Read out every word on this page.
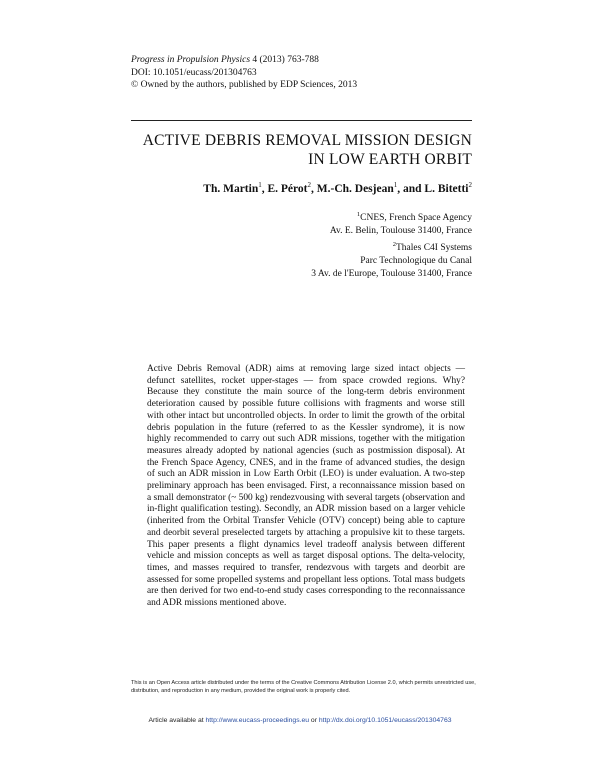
Progress in Propulsion Physics 4 (2013) 763-788
DOI: 10.1051/eucass/201304763
© Owned by the authors, published by EDP Sciences, 2013
ACTIVE DEBRIS REMOVAL MISSION DESIGN
IN LOW EARTH ORBIT
Th. Martin$^1$, E. Pérot$^2$, M.-Ch. Desjean$^1$, and L. Bitetti$^2$
$^1$CNES, French Space Agency
Av. E. Belin, Toulouse 31400, France
$^2$Thales C4I Systems
Parc Technologique du Canal
3 Av. de l'Europe, Toulouse 31400, France
Active Debris Removal (ADR) aims at removing large sized intact objects — defunct satellites, rocket upper-stages — from space crowded regions. Why? Because they constitute the main source of the long-term debris environment deterioration caused by possible future collisions with fragments and worse still with other intact but uncontrolled objects. In order to limit the growth of the orbital debris population in the future (referred to as the Kessler syndrome), it is now highly recommended to carry out such ADR missions, together with the mitigation measures already adopted by national agencies (such as postmission disposal). At the French Space Agency, CNES, and in the frame of advanced studies, the design of such an ADR mission in Low Earth Orbit (LEO) is under evaluation. A two-step preliminary approach has been envisaged. First, a reconnaissance mission based on a small demonstrator (~ 500 kg) rendezvousing with several targets (observation and in-flight qualification testing). Secondly, an ADR mission based on a larger vehicle (inherited from the Orbital Transfer Vehicle (OTV) concept) being able to capture and deorbit several preselected targets by attaching a propulsive kit to these targets. This paper presents a flight dynamics level tradeoff analysis between different vehicle and mission concepts as well as target disposal options. The delta-velocity, times, and masses required to transfer, rendezvous with targets and deorbit are assessed for some propelled systems and propellant less options. Total mass budgets are then derived for two end-to-end study cases corresponding to the reconnaissance and ADR missions mentioned above.
This is an Open Access article distributed under the terms of the Creative Commons Attribution License 2.0, which permits unrestricted use, distribution, and reproduction in any medium, provided the original work is properly cited.
Article available at http://www.eucass-proceedings.eu or http://dx.doi.org/10.1051/eucass/201304763
